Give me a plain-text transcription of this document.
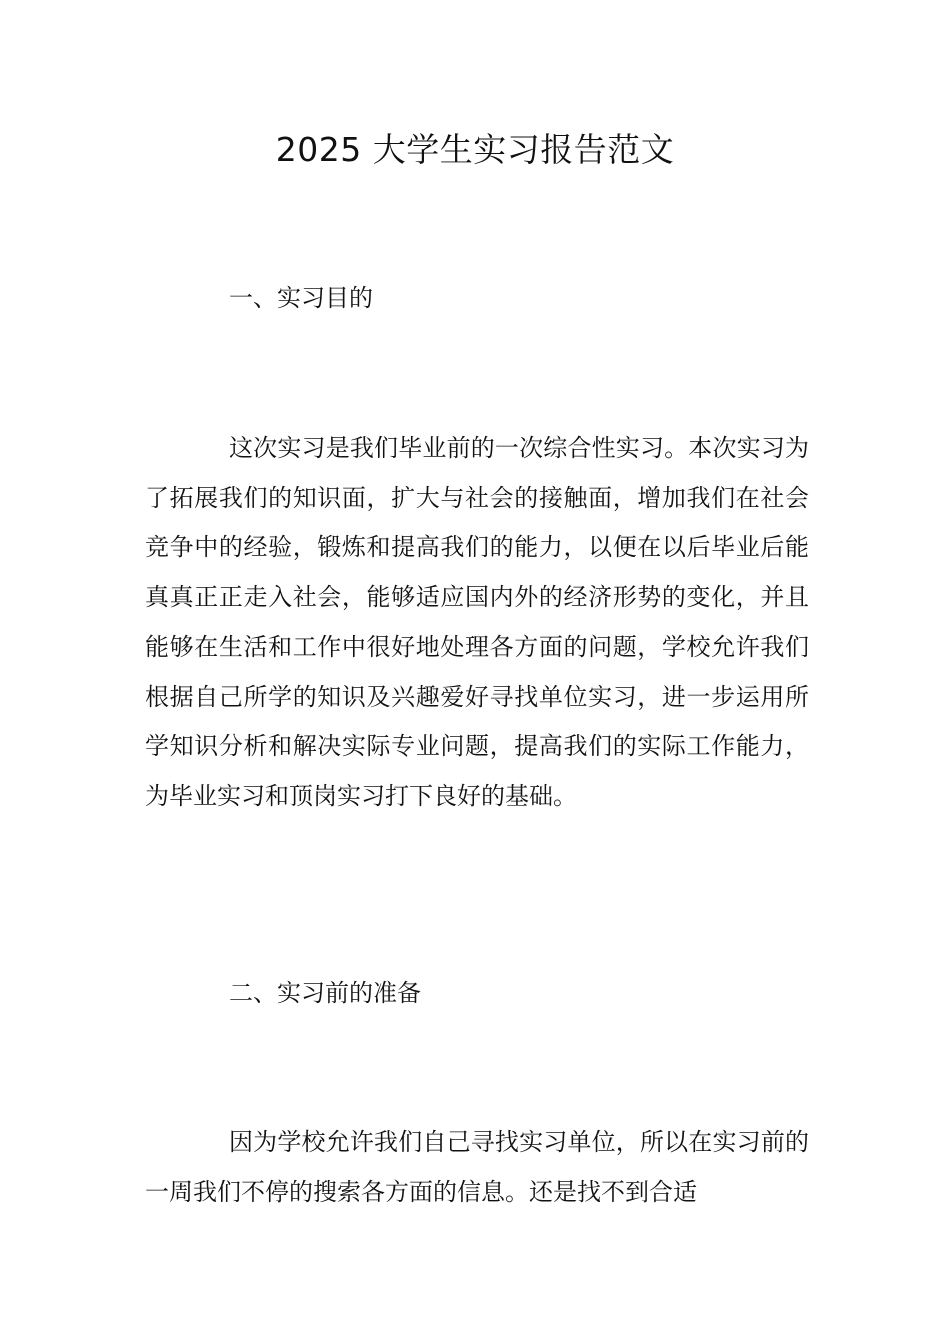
2025 大学生实习报告范文
一、实习目的

这次实习是我们毕业前的一次综合性实习。本次实习为了拓展我们的知识面，扩大与社会的接触面，增加我们在社会竞争中的经验，锻炼和提高我们的能力，以便在以后毕业后能真真正正走入社会，能够适应国内外的经济形势的变化，并且能够在生活和工作中很好地处理各方面的问题，学校允许我们根据自己所学的知识及兴趣爱好寻找单位实习，进一步运用所学知识分析和解决实际专业问题，提高我们的实际工作能力，为毕业实习和顶岗实习打下良好的基础。

二、实习前的准备

因为学校允许我们自己寻找实习单位，所以在实习前的一周我们不停的搜索各方面的信息。还是找不到合适
